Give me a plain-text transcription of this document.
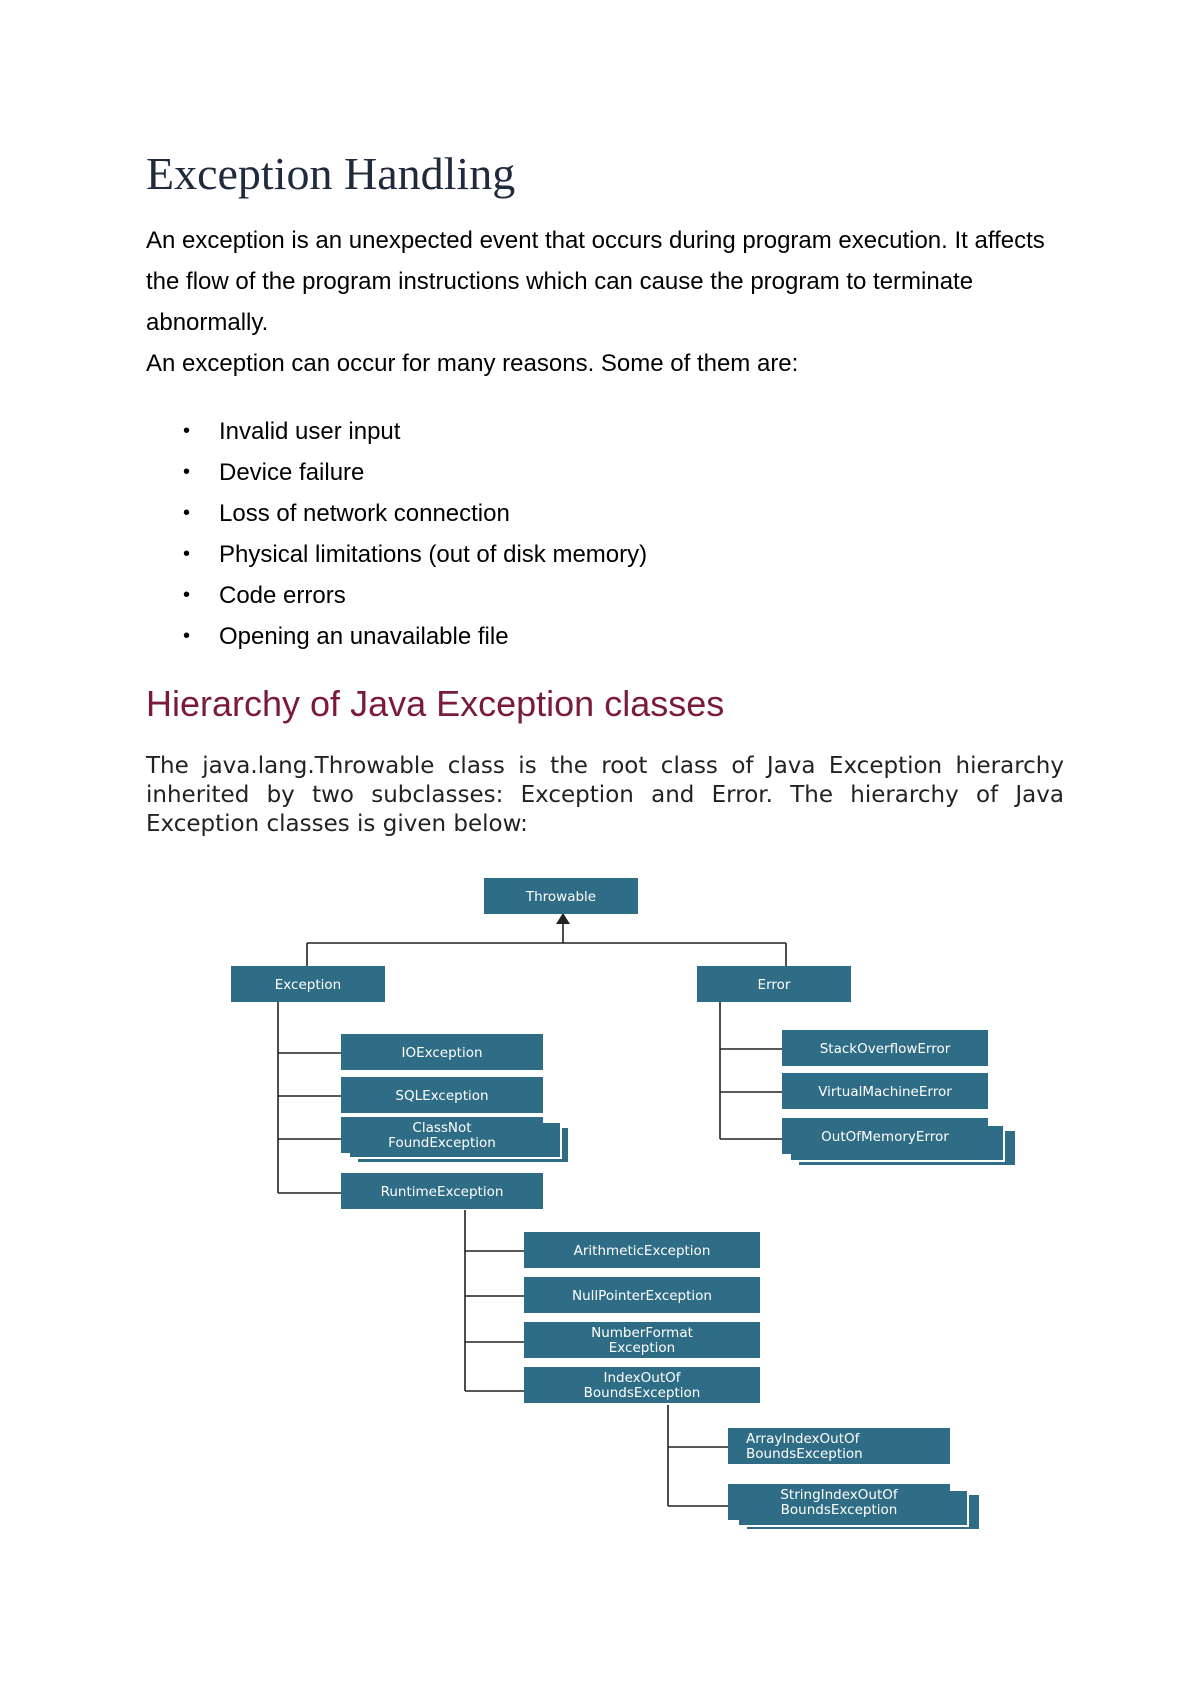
Exception Handling

An exception is an unexpected event that occurs during program execution. It affects the flow of the program instructions which can cause the program to terminate abnormally.

An exception can occur for many reasons. Some of them are:

• Invalid user input
• Device failure
• Loss of network connection
• Physical limitations (out of disk memory)
• Code errors
• Opening an unavailable file
Hierarchy of Java Exception classes

The java.lang.Throwable class is the root class of Java Exception hierarchy inherited by two subclasses: Exception and Error. The hierarchy of Java Exception classes is given below:

Throwable
Exception	Error
IOException
SQLException
ClassNot
FoundException
RuntimeException
StackOverflowError
VirtualMachineError
OutOfMemoryError
ArithmeticException
NullPointerException
NumberFormat
Exception
IndexOutOf
BoundsException
ArrayIndexOutOf
BoundsException
StringIndexOutOf
BoundsException
